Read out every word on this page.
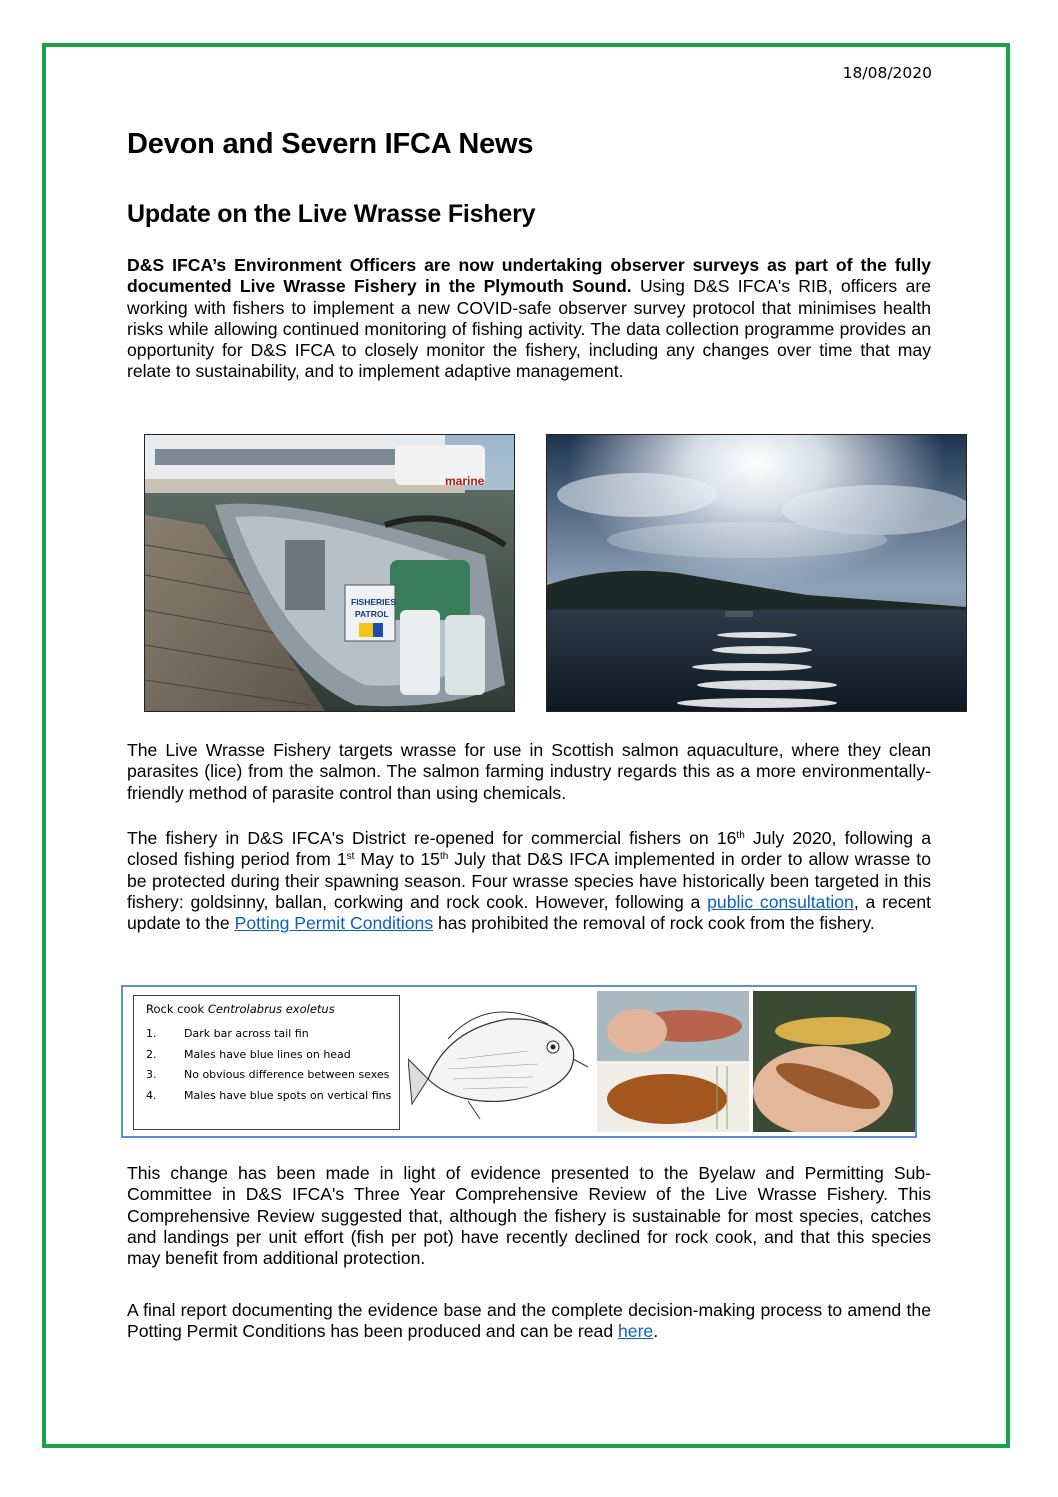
18/08/2020
Devon and Severn IFCA News
Update on the Live Wrasse Fishery

D&S IFCA’s Environment Officers are now undertaking observer surveys as part of the fully documented Live Wrasse Fishery in the Plymouth Sound. Using D&S IFCA's RIB, officers are working with fishers to implement a new COVID-safe observer survey protocol that minimises health risks while allowing continued monitoring of fishing activity. The data collection programme provides an opportunity for D&S IFCA to closely monitor the fishery, including any changes over time that may relate to sustainability, and to implement adaptive management.

marine
FISHERIES
PATROL

The Live Wrasse Fishery targets wrasse for use in Scottish salmon aquaculture, where they clean parasites (lice) from the salmon. The salmon farming industry regards this as a more environmentally-friendly method of parasite control than using chemicals.

The fishery in D&S IFCA's District re-opened for commercial fishers on 16th July 2020, following a closed fishing period from 1st May to 15th July that D&S IFCA implemented in order to allow wrasse to be protected during their spawning season. Four wrasse species have historically been targeted in this fishery: goldsinny, ballan, corkwing and rock cook. However, following a public consultation, a recent update to the Potting Permit Conditions has prohibited the removal of rock cook from the fishery.

Rock cook Centrolabrus exoletus
1.	Dark bar across tail fin
2.	Males have blue lines on head
3.	No obvious difference between sexes
4.	Males have blue spots on vertical fins

This change has been made in light of evidence presented to the Byelaw and Permitting Sub-Committee in D&S IFCA's Three Year Comprehensive Review of the Live Wrasse Fishery. This Comprehensive Review suggested that, although the fishery is sustainable for most species, catches and landings per unit effort (fish per pot) have recently declined for rock cook, and that this species may benefit from additional protection.

A final report documenting the evidence base and the complete decision-making process to amend the Potting Permit Conditions has been produced and can be read here.
